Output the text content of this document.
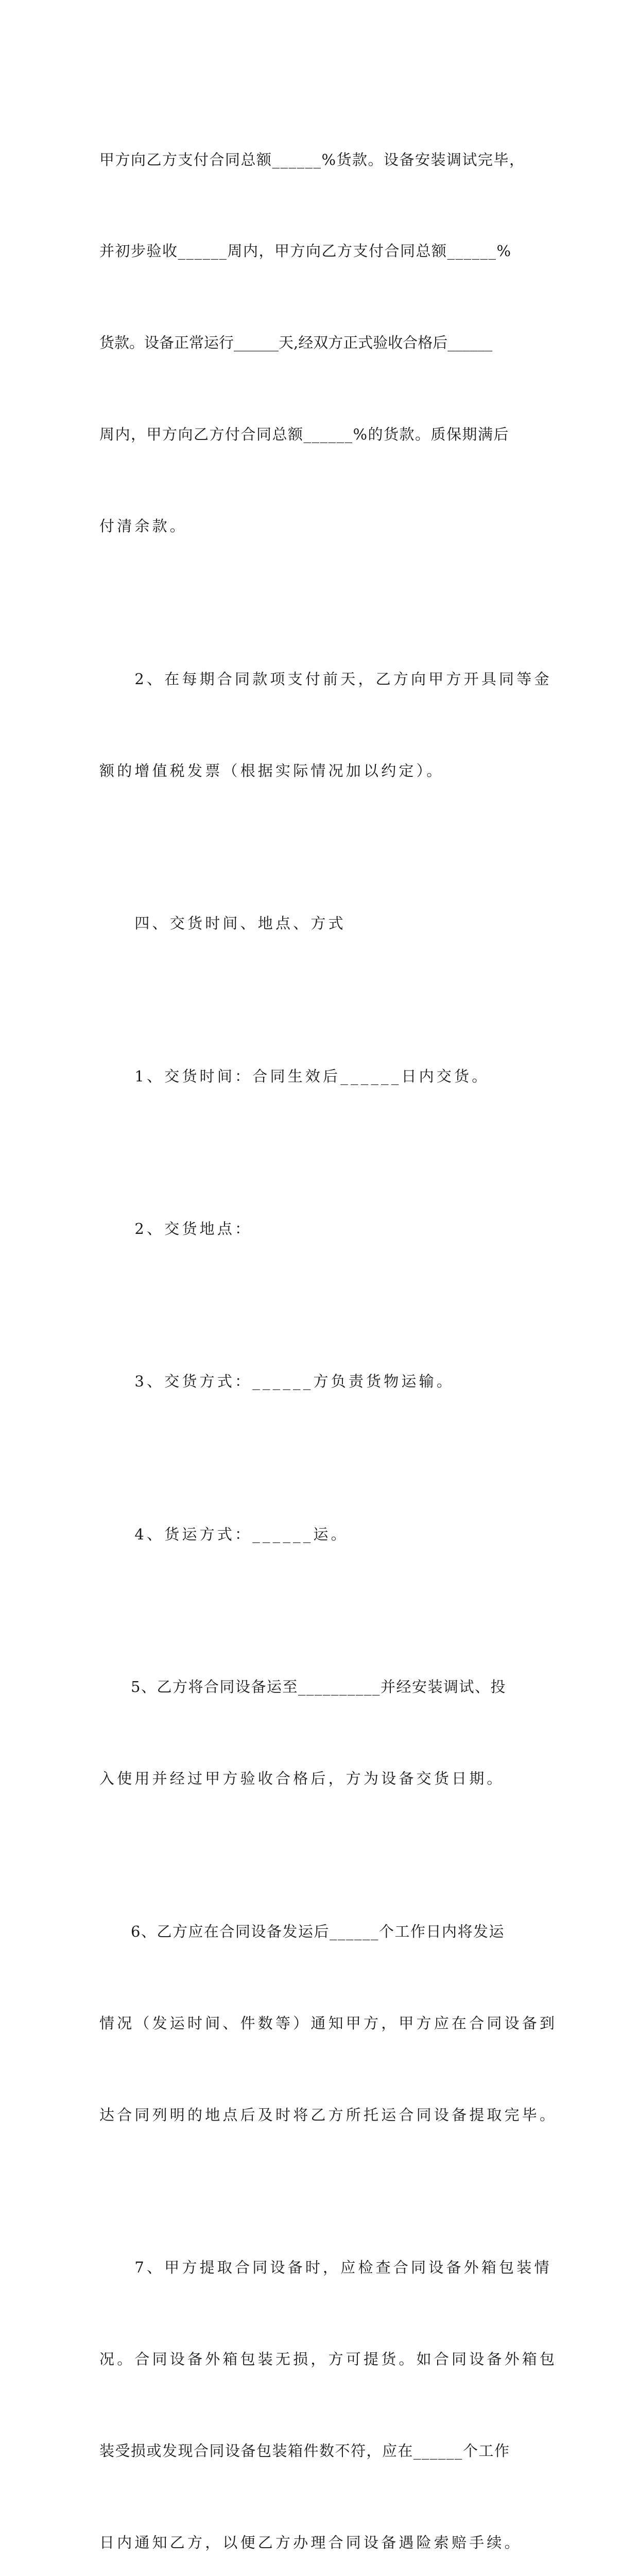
甲方向乙方支付合同总额______%货款。设备安装调试完毕，

并初步验收______周内，甲方向乙方支付合同总额______%

货款。设备正常运行______天,经双方正式验收合格后______

周内，甲方向乙方付合同总额______%的货款。质保期满后

付清余款。

　　2、在每期合同款项支付前天，乙方向甲方开具同等金

额的增值税发票（根据实际情况加以约定）。

　　四、交货时间、地点、方式

　　1、交货时间：合同生效后______日内交货。

　　2、交货地点：

　　3、交货方式：______方负责货物运输。

　　4、货运方式：______运。

　　5、乙方将合同设备运至__________并经安装调试、投

入使用并经过甲方验收合格后，方为设备交货日期。

　　6、乙方应在合同设备发运后______个工作日内将发运

情况（发运时间、件数等）通知甲方，甲方应在合同设备到

达合同列明的地点后及时将乙方所托运合同设备提取完毕。

　　7、甲方提取合同设备时，应检查合同设备外箱包装情

况。合同设备外箱包装无损，方可提货。如合同设备外箱包

装受损或发现合同设备包装箱件数不符，应在______个工作

日内通知乙方，以便乙方办理合同设备遇险索赔手续。
